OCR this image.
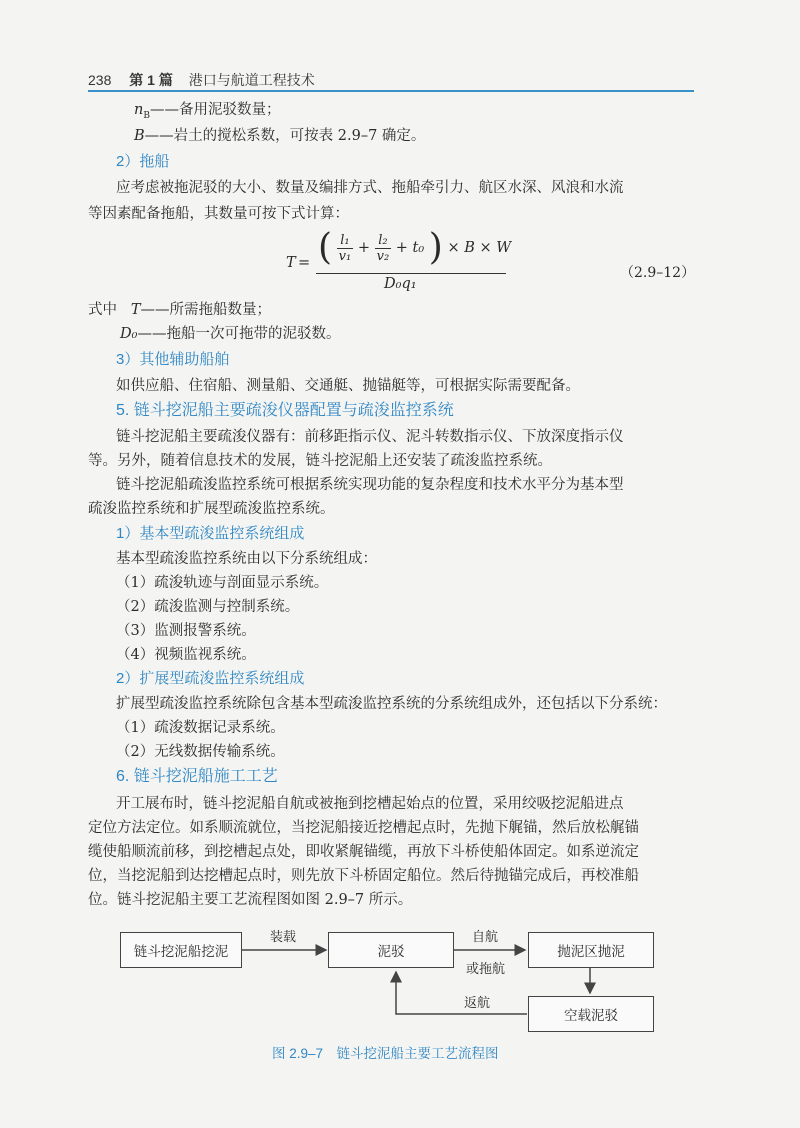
238 第 1 篇 港口与航道工程技术
$n_B——$备用泥驳数量；
B——岩土的搅松系数，可按表 2.9–7 确定。
2）拖船
应考虑被拖泥驳的大小、数量及编排方式、拖船牵引力、航区水深、风浪和水流
等因素配备拖船，其数量可按下式计算：
T = ( $\frac{\text{l₁}}{\text{v₁}} + \frac{\text{l₂}}{\text{v₂}} + t_0$ ) × B × W
D₀q₁
（2.9–12）
式中 T——所需拖船数量；
D₀——拖船一次可拖带的泥驳数。
3）其他辅助船舶
如供应船、住宿船、测量船、交通艇、抛锚艇等，可根据实际需要配备。
5. 链斗挖泥船主要疏浚仪器配置与疏浚监控系统
链斗挖泥船主要疏浚仪器有：前移距指示仪、泥斗转数指示仪、下放深度指示仪
等。另外，随着信息技术的发展，链斗挖泥船上还安装了疏浚监控系统。
链斗挖泥船疏浚监控系统可根据系统实现功能的复杂程度和技术水平分为基本型
疏浚监控系统和扩展型疏浚监控系统。
1）基本型疏浚监控系统组成
基本型疏浚监控系统由以下分系统组成：
（1）疏浚轨迹与剖面显示系统。
（2）疏浚监测与控制系统。
（3）监测报警系统。
（4）视频监视系统。
2）扩展型疏浚监控系统组成
扩展型疏浚监控系统除包含基本型疏浚监控系统的分系统组成外，还包括以下分系统：
（1）疏浚数据记录系统。
（2）无线数据传输系统。
6. 链斗挖泥船施工工艺
开工展布时，链斗挖泥船自航或被拖到挖槽起始点的位置，采用绞吸挖泥船进点
定位方法定位。如系顺流就位，当挖泥船接近挖槽起点时，先抛下艉锚，然后放松艉锚
缆使船顺流前移，到挖槽起点处，即收紧艉锚缆，再放下斗桥使船体固定。如系逆流定
位，当挖泥船到达挖槽起点时，则先放下斗桥固定船位。然后待抛锚完成后，再校准船
位。链斗挖泥船主要工艺流程图如图 2.9–7 所示。
链斗挖泥船挖泥	泥驳	抛泥区抛泥
空载泥驳
装载	自航
或拖航
返航
图 2.9–7　链斗挖泥船主要工艺流程图
